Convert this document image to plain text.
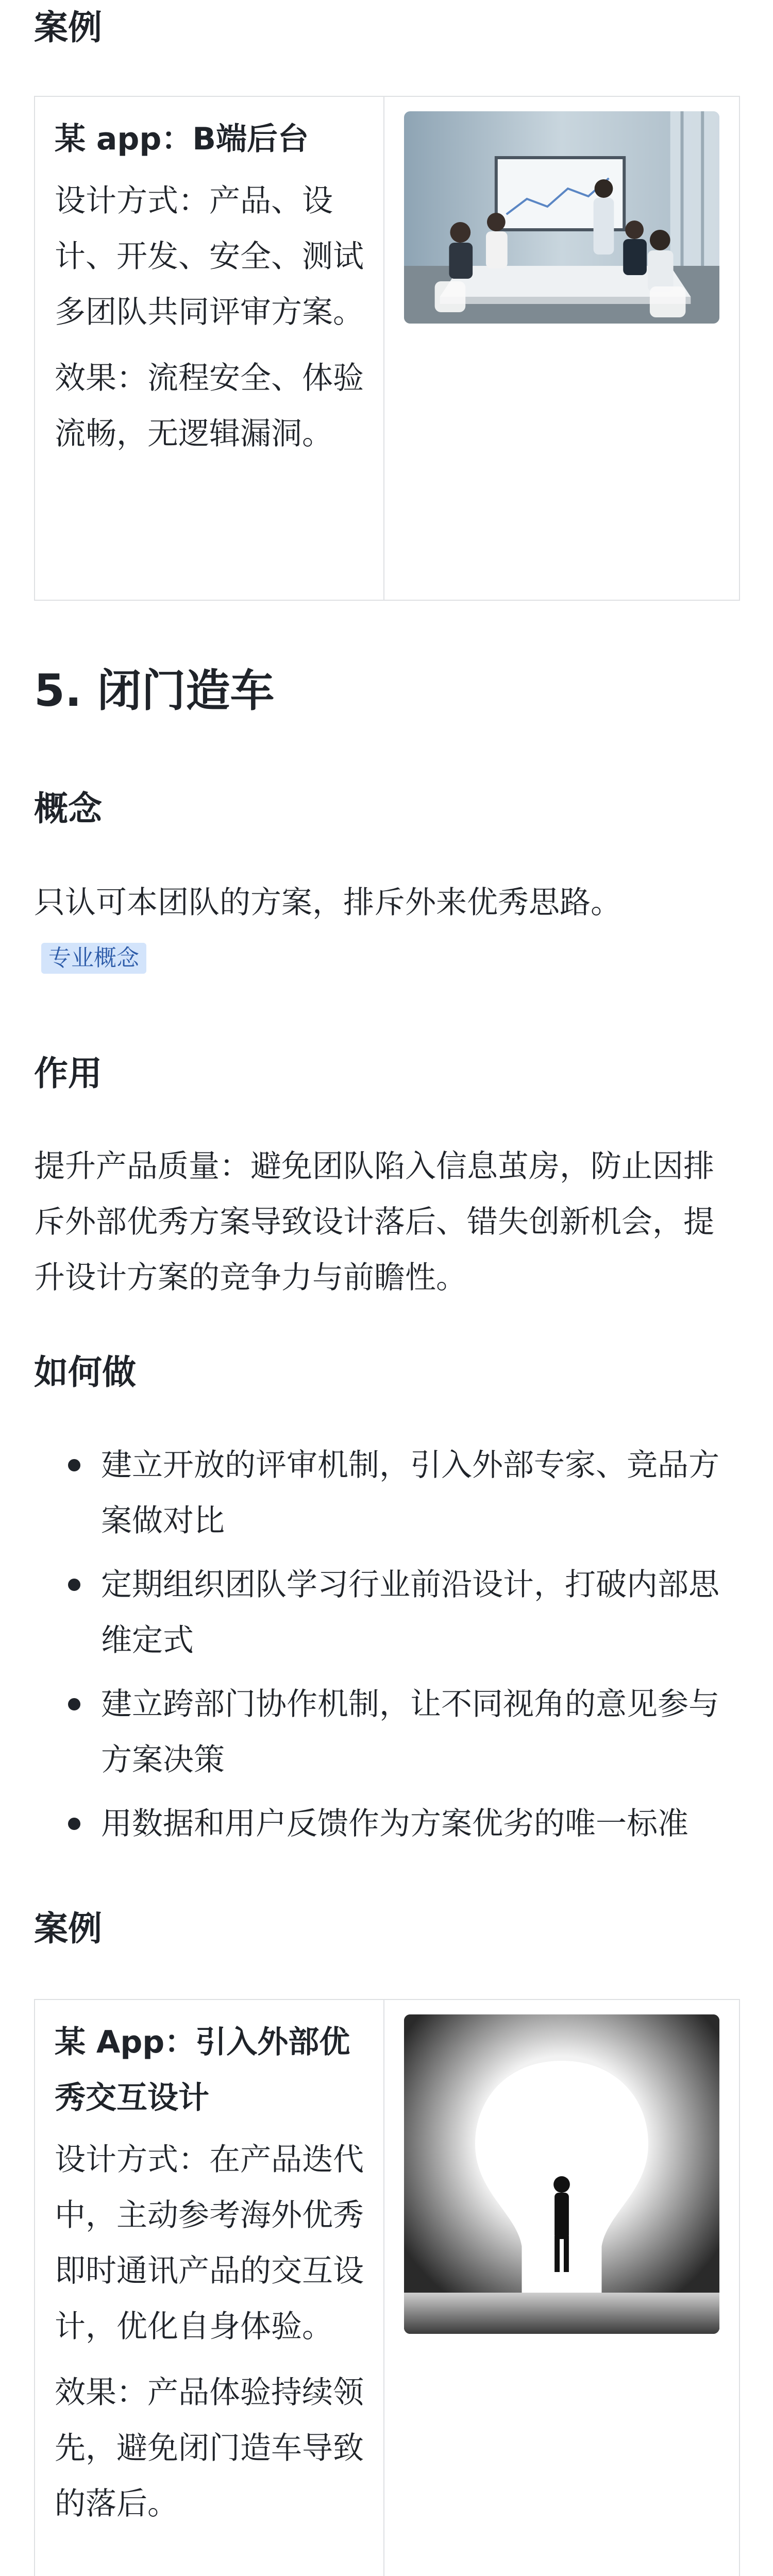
案例
某 app：B端后台
设计方式：产品、设计、开发、安全、测试多团队共同评审方案。
效果：流程安全、体验流畅，无逻辑漏洞。
5. 闭门造车
概念
只认可本团队的方案，排斥外来优秀思路。
专业概念
作用
提升产品质量：避免团队陷入信息茧房，防止因排斥外部优秀方案导致设计落后、错失创新机会，提升设计方案的竞争力与前瞻性。
如何做
建立开放的评审机制，引入外部专家、竞品方案做对比
定期组织团队学习行业前沿设计，打破内部思维定式
建立跨部门协作机制，让不同视角的意见参与方案决策
用数据和用户反馈作为方案优劣的唯一标准
案例
某 App：引入外部优秀交互设计
设计方式：在产品迭代中，主动参考海外优秀即时通讯产品的交互设计，优化自身体验。
效果：产品体验持续领先，避免闭门造车导致的落后。
